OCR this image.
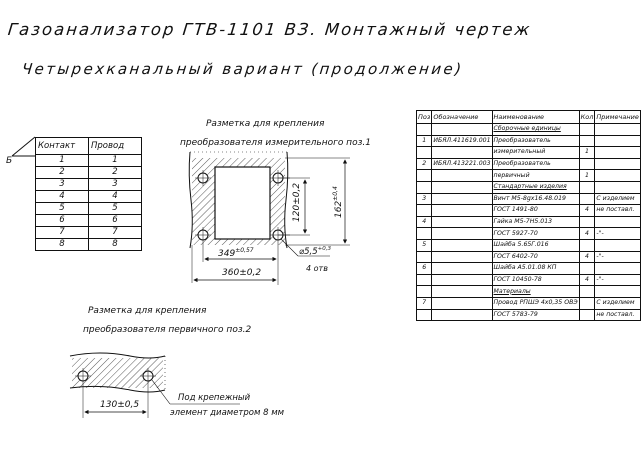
Газоанализатор ГТВ-1101 ВЗ. Монтажный чертеж
Четырехканальный вариант (продолжение)
Б
Контакт	Провод
1	1
2	2
3	3
4	4
5	5
6	6
7	7
8	8
Разметка для крепления
преобразователя измерительного поз.1
$349^{\pm 0,57}$
360±0,2
120±0,2
$162^{\pm 0,4}$
$⌀5,5^{+0,3}$
4 отв
Разметка для крепления
преобразователя первичного поз.2
130±0,5
Под крепежный
элемент диаметром 8 мм
Поз	Обозначение	Наименование	Кол	Примечание
		Сборочные единицы		
1	ИБЯЛ.411619.001	Преобразователь		
		измерительный	1	
2	ИБЯЛ.413221.003	Преобразователь		
		первичный	1	
		Стандартные изделия		
3		Винт М5-8gx16.48.019		С изделием
		ГОСТ 1491-80	4	не поставл.
4		Гайка М5-7Н5.013		
		ГОСТ 5927-70	4	-"-
5		Шайба 5.65Г.016		
		ГОСТ 6402-70	4	-"-
6		Шайба А5.01.08 КП		
		ГОСТ 10450-78	4	-"-
		Материалы		
7		Провод РПШЭ 4х0,35 ОВЭ		С изделием
		ГОСТ 5783-79		не поставл.
